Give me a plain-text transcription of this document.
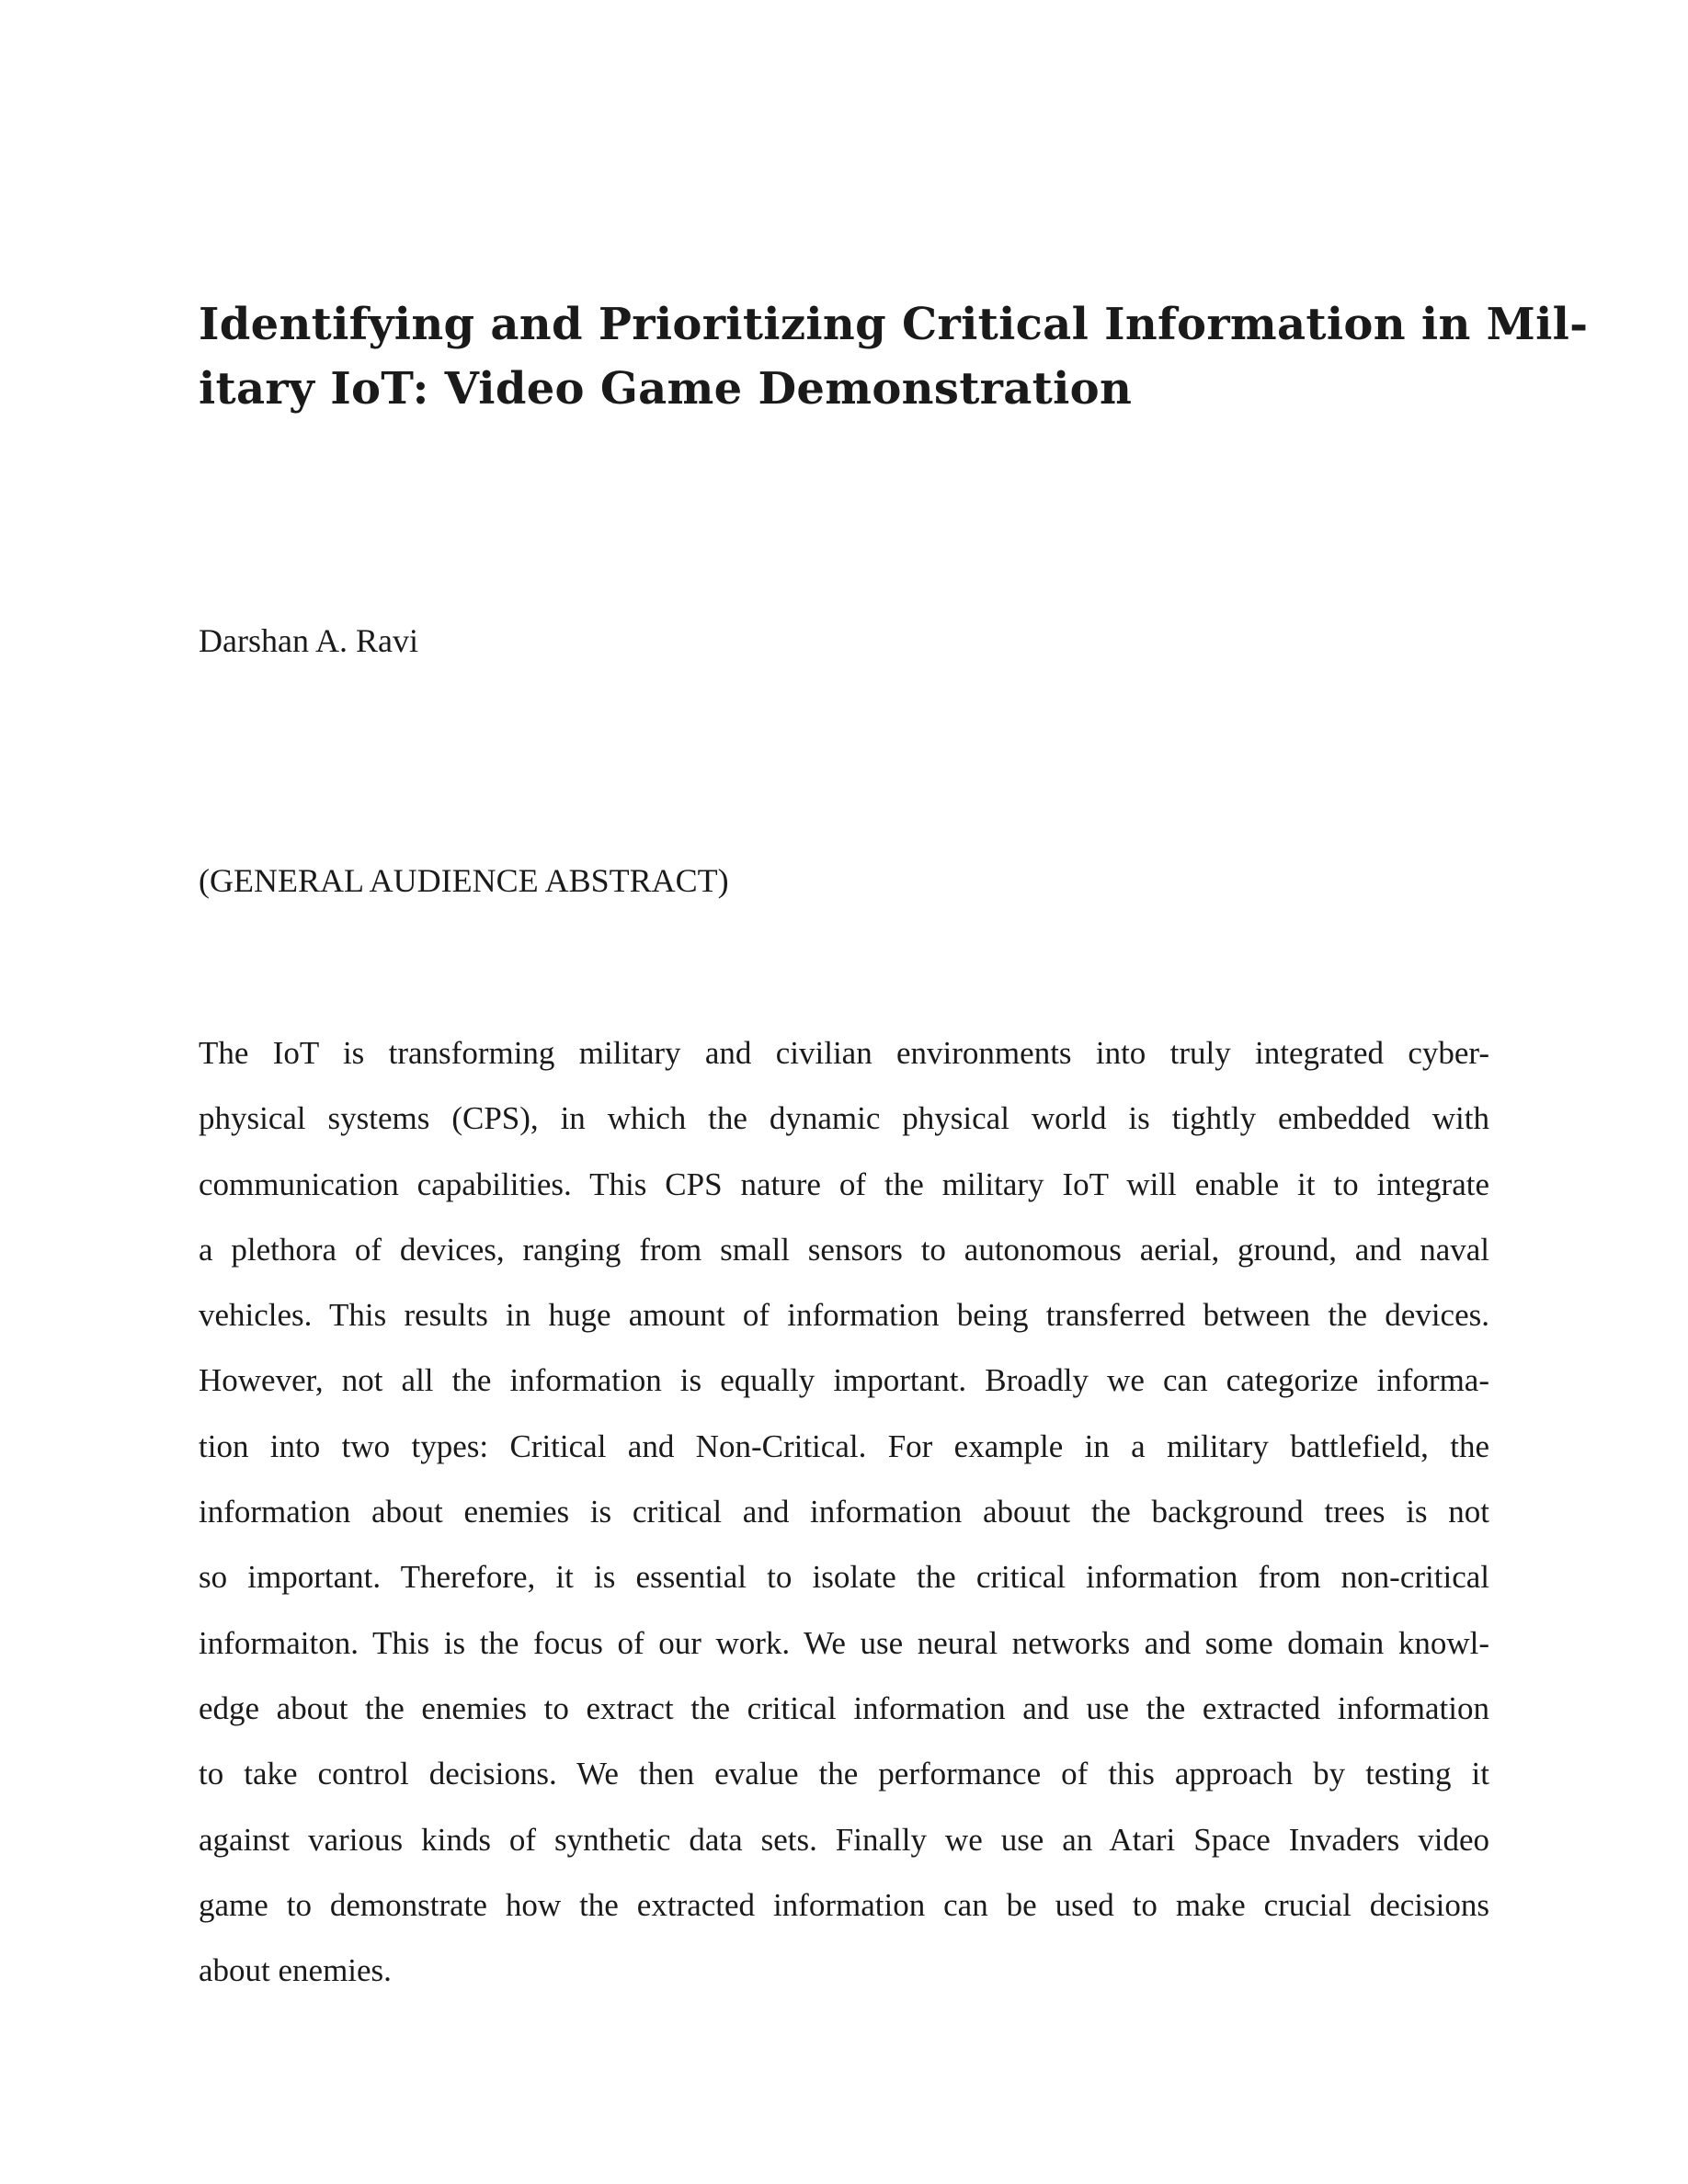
Identifying and Prioritizing Critical Information in Mil-
itary IoT: Video Game Demonstration

Darshan A. Ravi

(GENERAL AUDIENCE ABSTRACT)

The IoT is transforming military and civilian environments into truly integrated cyber-
physical systems (CPS), in which the dynamic physical world is tightly embedded with
communication capabilities. This CPS nature of the military IoT will enable it to integrate
a plethora of devices, ranging from small sensors to autonomous aerial, ground, and naval
vehicles. This results in huge amount of information being transferred between the devices.
However, not all the information is equally important. Broadly we can categorize informa-
tion into two types: Critical and Non-Critical. For example in a military battlefield, the
information about enemies is critical and information abouut the background trees is not
so important. Therefore, it is essential to isolate the critical information from non-critical
informaiton. This is the focus of our work. We use neural networks and some domain knowl-
edge about the enemies to extract the critical information and use the extracted information
to take control decisions. We then evalue the performance of this approach by testing it
against various kinds of synthetic data sets. Finally we use an Atari Space Invaders video
game to demonstrate how the extracted information can be used to make crucial decisions
about enemies.
